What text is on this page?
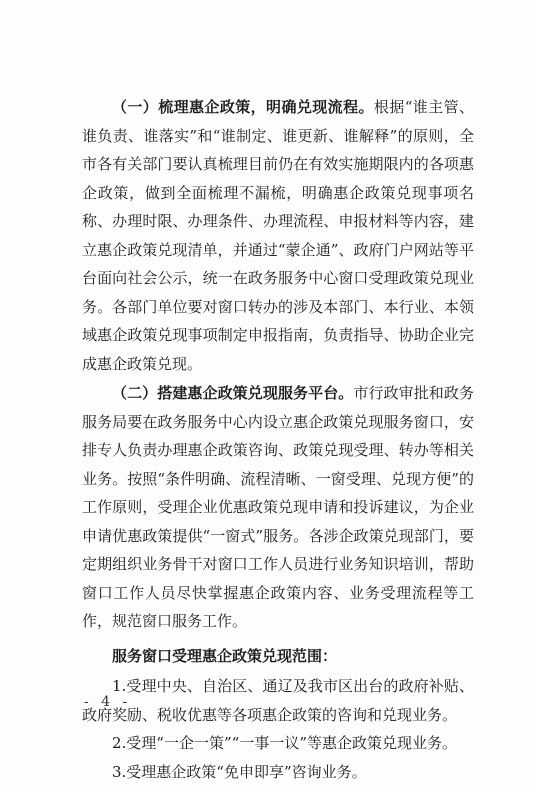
（一）梳理惠企政策，明确兑现流程。根据“谁主管、谁负责、谁落实”和“谁制定、谁更新、谁解释”的原则，全市各有关部门要认真梳理目前仍在有效实施期限内的各项惠企政策，做到全面梳理不漏梳，明确惠企政策兑现事项名称、办理时限、办理条件、办理流程、申报材料等内容，建立惠企政策兑现清单，并通过“蒙企通”、政府门户网站等平台面向社会公示，统一在政务服务中心窗口受理政策兑现业务。各部门单位要对窗口转办的涉及本部门、本行业、本领域惠企政策兑现事项制定申报指南，负责指导、协助企业完成惠企政策兑现。

（二）搭建惠企政策兑现服务平台。市行政审批和政务服务局要在政务服务中心内设立惠企政策兑现服务窗口，安排专人负责办理惠企政策咨询、政策兑现受理、转办等相关业务。按照“条件明确、流程清晰、一窗受理、兑现方便”的工作原则，受理企业优惠政策兑现申请和投诉建议，为企业申请优惠政策提供“一窗式”服务。各涉企政策兑现部门，要定期组织业务骨干对窗口工作人员进行业务知识培训，帮助窗口工作人员尽快掌握惠企政策内容、业务受理流程等工作，规范窗口服务工作。

服务窗口受理惠企政策兑现范围：

1.受理中央、自治区、通辽及我市区出台的政府补贴、政府奖励、税收优惠等各项惠企政策的咨询和兑现业务。

2.受理“一企一策”“一事一议”等惠企政策兑现业务。

3.受理惠企政策“免申即享”咨询业务。

- 4 -
